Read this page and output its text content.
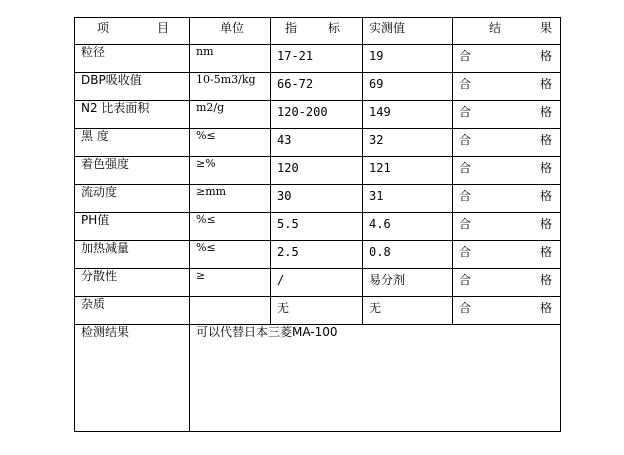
项 目	单 位	指 标	实测值	结 果

粒径	nm	17-21	19	合 格

DBP吸收值	10-5m3/kg	66-72	69	合 格

N2 比表面积	m2/g	120-200	149	合 格

黑 度	%≤	43	32	合 格

着色强度	≥%	120	121	合 格

流动度	≥mm	30	31	合 格

PH值	%≤	5.5	4.6	合 格

加热减量	%≤	2.5	0.8	合 格

分散性	≥	/	易分剂	合 格

杂质		无	无	合 格

检测结果	可以代替日本三菱MA-100			
